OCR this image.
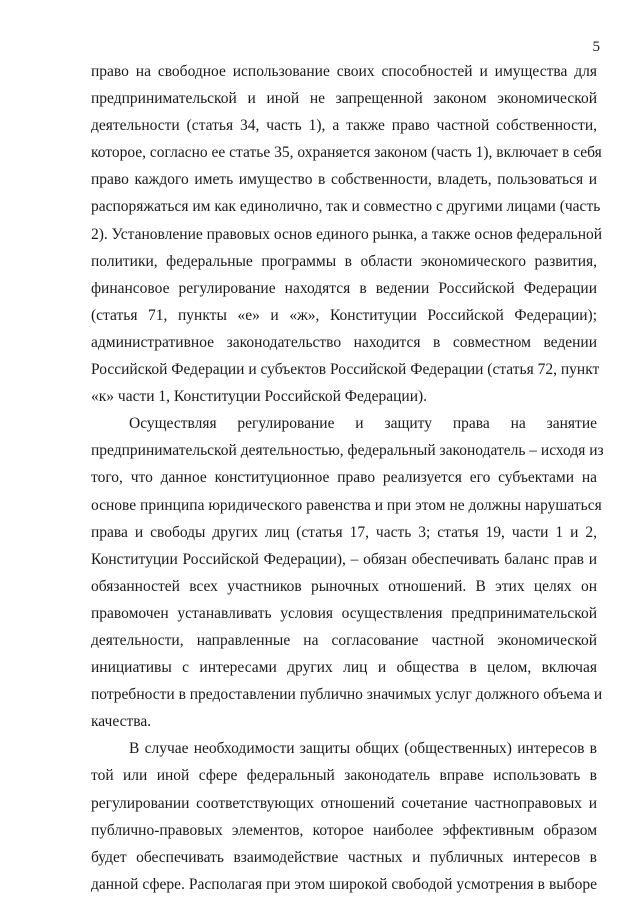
5
право на свободное использование своих способностей и имущества для
предпринимательской и иной не запрещенной законом экономической
деятельности (статья 34, часть 1), а также право частной собственности,
которое, согласно ее статье 35, охраняется законом (часть 1), включает в себя
право каждого иметь имущество в собственности, владеть, пользоваться и
распоряжаться им как единолично, так и совместно с другими лицами (часть
2). Установление правовых основ единого рынка, а также основ федеральной
политики, федеральные программы в области экономического развития,
финансовое регулирование находятся в ведении Российской Федерации
(статья 71, пункты «е» и «ж», Конституции Российской Федерации);
административное законодательство находится в совместном ведении
Российской Федерации и субъектов Российской Федерации (статья 72, пункт
«к» части 1, Конституции Российской Федерации).
Осуществляя регулирование и защиту права на занятие
предпринимательской деятельностью, федеральный законодатель – исходя из
того, что данное конституционное право реализуется его субъектами на
основе принципа юридического равенства и при этом не должны нарушаться
права и свободы других лиц (статья 17, часть 3; статья 19, части 1 и 2,
Конституции Российской Федерации), – обязан обеспечивать баланс прав и
обязанностей всех участников рыночных отношений. В этих целях он
правомочен устанавливать условия осуществления предпринимательской
деятельности, направленные на согласование частной экономической
инициативы с интересами других лиц и общества в целом, включая
потребности в предоставлении публично значимых услуг должного объема и
качества.
В случае необходимости защиты общих (общественных) интересов в
той или иной сфере федеральный законодатель вправе использовать в
регулировании соответствующих отношений сочетание частноправовых и
публично-правовых элементов, которое наиболее эффективным образом
будет обеспечивать взаимодействие частных и публичных интересов в
данной сфере. Располагая при этом широкой свободой усмотрения в выборе
